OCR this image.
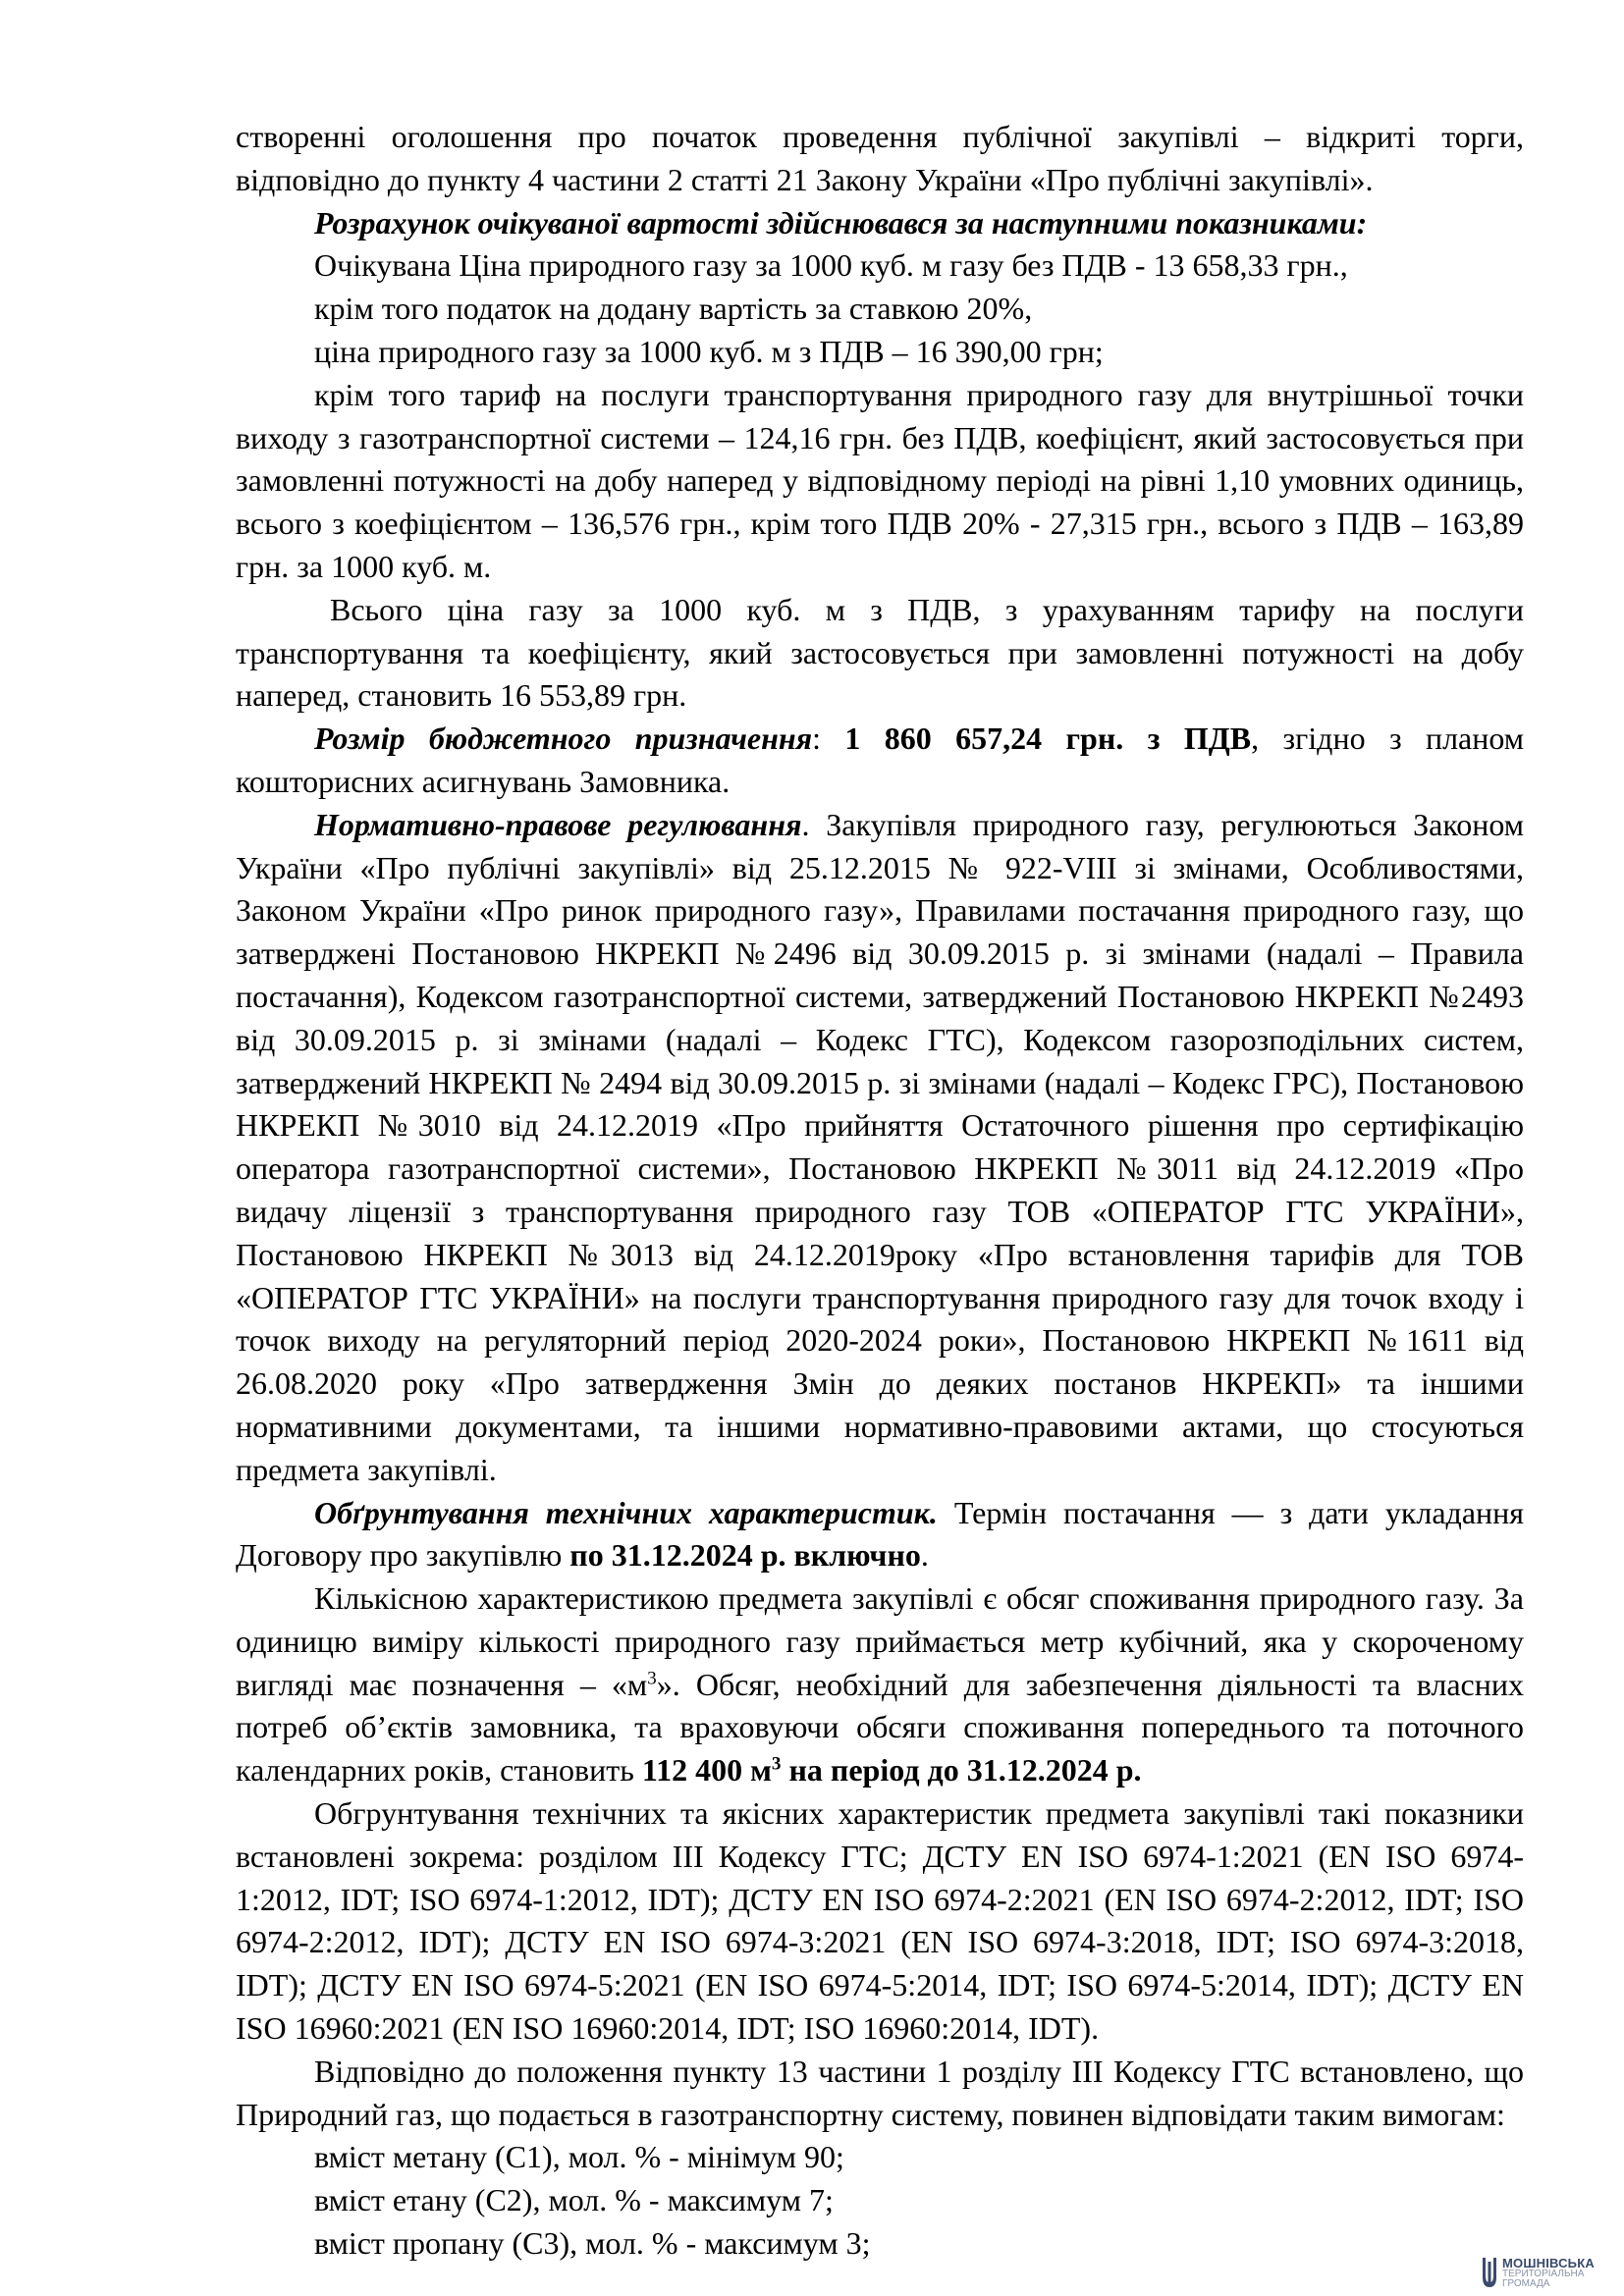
створенні оголошення про початок проведення публічної закупівлі – відкриті торги,

відповідно до пункту 4 частини 2 статті 21 Закону України «Про публічні закупівлі».

Розрахунок очікуваної вартості здійснювався за наступними показниками:

Очікувана Ціна природного газу за 1000 куб. м газу без ПДВ - 13 658,33 грн.,

крім того податок на додану вартість за ставкою 20%,

ціна природного газу за 1000 куб. м з ПДВ – 16 390,00 грн;

крім того тариф на послуги транспортування природного газу для внутрішньої точки виходу з газотранспортної системи – 124,16 грн. без ПДВ, коефіцієнт, який застосовується при замовленні потужності на добу наперед у відповідному періоді на рівні 1,10 умовних одиниць, всього з коефіцієнтом – 136,576 грн., крім того ПДВ 20% - 27,315 грн., всього з ПДВ – 163,89 грн. за 1000 куб. м.

Всього ціна газу за 1000 куб. м з ПДВ, з урахуванням тарифу на послуги транспортування та коефіцієнту, який застосовується при замовленні потужності на добу наперед, становить 16 553,89 грн.

Розмір бюджетного призначення: 1 860 657,24 грн. з ПДВ, згідно з планом кошторисних асигнувань Замовника.

Нормативно-правове регулювання. Закупівля природного газу, регулюються Законом України «Про публічні закупівлі» від 25.12.2015 № 922-VIII зі змінами, Особливостями, Законом України «Про ринок природного газу», Правилами постачання природного газу, що затверджені Постановою НКРЕКП №2496 від 30.09.2015 р. зі змінами (надалі – Правила постачання), Кодексом газотранспортної системи, затверджений Постановою НКРЕКП №2493 від 30.09.2015 р. зі змінами (надалі – Кодекс ГТС), Кодексом газорозподільних систем, затверджений НКРЕКП № 2494 від 30.09.2015 р. зі змінами (надалі – Кодекс ГРС), Постановою НКРЕКП №3010 від 24.12.2019 «Про прийняття Остаточного рішення про сертифікацію оператора газотранспортної системи», Постановою НКРЕКП №3011 від 24.12.2019 «Про видачу ліцензії з транспортування природного газу ТОВ «ОПЕРАТОР ГТС УКРАЇНИ», Постановою НКРЕКП №3013 від 24.12.2019року «Про встановлення тарифів для ТОВ «ОПЕРАТОР ГТС УКРАЇНИ» на послуги транспортування природного газу для точок входу і точок виходу на регуляторний період 2020-2024 роки», Постановою НКРЕКП №1611 від 26.08.2020 року «Про затвердження Змін до деяких постанов НКРЕКП» та іншими нормативними документами, та іншими нормативно-правовими актами, що стосуються предмета закупівлі.

Обґрунтування технічних характеристик. Термін постачання — з дати укладання Договору про закупівлю по 31.12.2024 р. включно.

Кількісною характеристикою предмета закупівлі є обсяг споживання природного газу. За одиницю виміру кількості природного газу приймається метр кубічний, яка у скороченому вигляді має позначення – «$м^3$». Обсяг, необхідний для забезпечення діяльності та власних потреб об’єктів замовника, та враховуючи обсяги споживання попереднього та поточного календарних років, становить 112 400 $м^3$ на період до 31.12.2024 р.

Обгрунтування технічних та якісних характеристик предмета закупівлі такі показники встановлені зокрема: розділом ІІІ Кодексу ГТС; ДСТУ EN ISO 6974-1:2021 (EN ISO 6974-1:2012, IDT; ISO 6974-1:2012, IDT); ДСТУ EN ISO 6974-2:2021 (EN ISO 6974-2:2012, IDT; ISO 6974-2:2012, IDT); ДСТУ EN ISO 6974-3:2021 (EN ISO 6974-3:2018, IDT; ISO 6974-3:2018, IDT); ДСТУ EN ISO 6974-5:2021 (EN ISO 6974-5:2014, IDT; ISO 6974-5:2014, IDT); ДСТУ EN ISO 16960:2021 (EN ISO 16960:2014, IDT; ISO 16960:2014, IDT).

Відповідно до положення пункту 13 частини 1 розділу ІІІ Кодексу ГТС встановлено, що Природний газ, що подається в газотранспортну систему, повинен відповідати таким вимогам:

вміст метану (С1), мол. % - мінімум 90;

вміст етану (С2), мол. % - максимум 7;

вміст пропану (С3), мол. % - максимум 3;

МОШНІВСЬКА
ТЕРИТОРІАЛЬНА
ГРОМАДА
